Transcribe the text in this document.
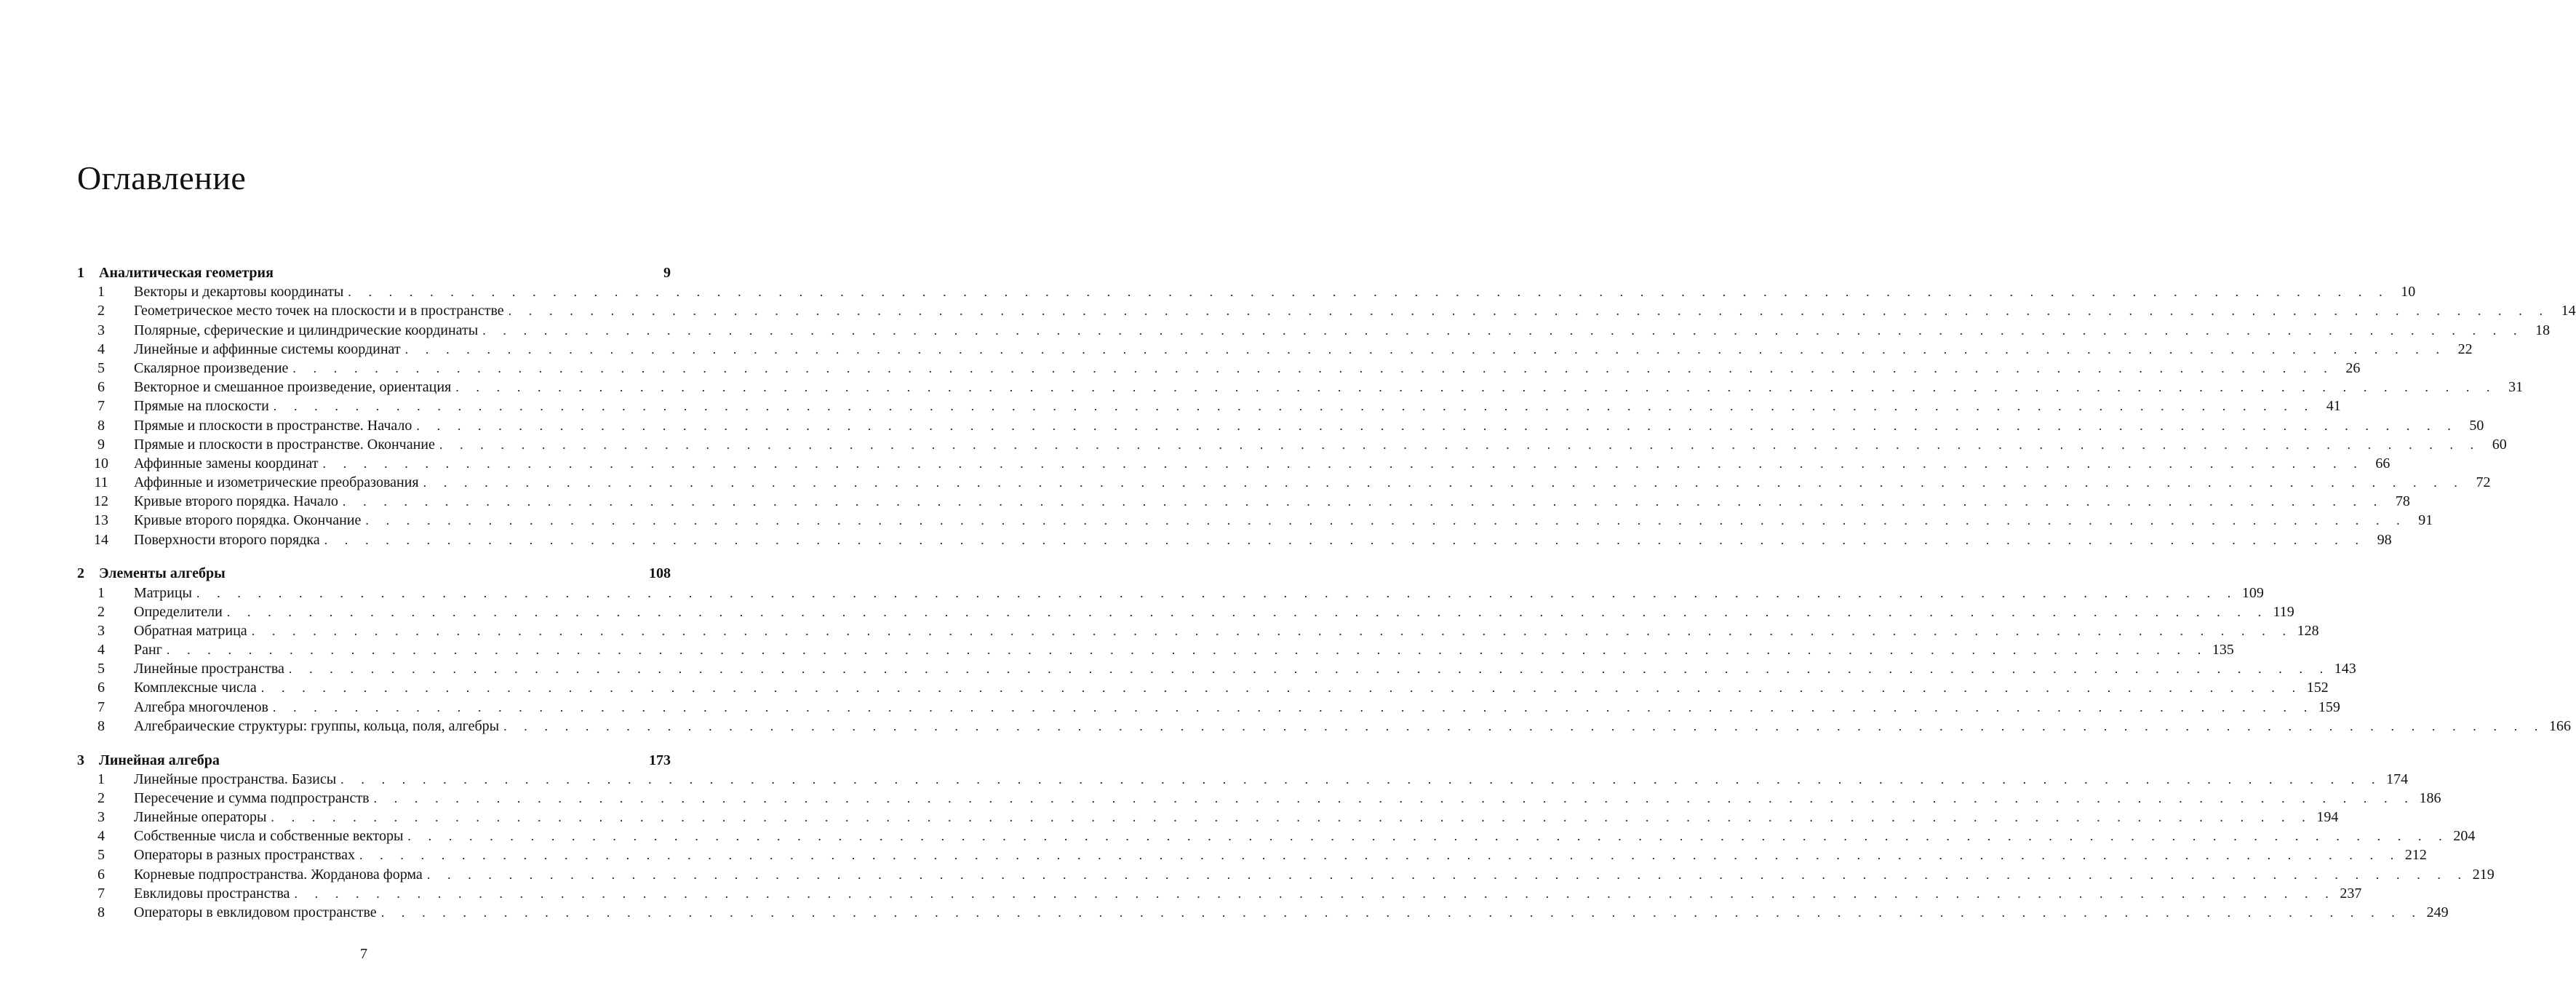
Оглавление
1	Аналитическая геометрия	9
1	Векторы и декартовы координаты . . . . . . . . . . . . . . . . . . . . . . . . . . . . . . . . . . . . . . . . . . . . . . . . . . . . . . . . . . . . . . . . . . . . . . . . . . . . . . . . . . . . . . . . . . . . . . . . . . . . 10
2	Геометрическое место точек на плоскости и в пространстве . . . . . . . . . . . . . . . . . . . . . . . . . . . . . . . . . . . . . . . . . . . . . . . . . . . . . . . . . . . . . . . . . . . . . . . . . . . . . . . . . . . . . . . . . . . . . . . . . . . . 14
3	Полярные, сферические и цилиндрические координаты . . . . . . . . . . . . . . . . . . . . . . . . . . . . . . . . . . . . . . . . . . . . . . . . . . . . . . . . . . . . . . . . . . . . . . . . . . . . . . . . . . . . . . . . . . . . . . . . . . . . 18
4	Линейные и аффинные системы координат . . . . . . . . . . . . . . . . . . . . . . . . . . . . . . . . . . . . . . . . . . . . . . . . . . . . . . . . . . . . . . . . . . . . . . . . . . . . . . . . . . . . . . . . . . . . . . . . . . . . 22
5	Скалярное произведение . . . . . . . . . . . . . . . . . . . . . . . . . . . . . . . . . . . . . . . . . . . . . . . . . . . . . . . . . . . . . . . . . . . . . . . . . . . . . . . . . . . . . . . . . . . . . . . . . . . . 26
6	Векторное и смешанное произведение, ориентация . . . . . . . . . . . . . . . . . . . . . . . . . . . . . . . . . . . . . . . . . . . . . . . . . . . . . . . . . . . . . . . . . . . . . . . . . . . . . . . . . . . . . . . . . . . . . . . . . . . . 31
7	Прямые на плоскости . . . . . . . . . . . . . . . . . . . . . . . . . . . . . . . . . . . . . . . . . . . . . . . . . . . . . . . . . . . . . . . . . . . . . . . . . . . . . . . . . . . . . . . . . . . . . . . . . . . . 41
8	Прямые и плоскости в пространстве. Начало . . . . . . . . . . . . . . . . . . . . . . . . . . . . . . . . . . . . . . . . . . . . . . . . . . . . . . . . . . . . . . . . . . . . . . . . . . . . . . . . . . . . . . . . . . . . . . . . . . . . 50
9	Прямые и плоскости в пространстве. Окончание . . . . . . . . . . . . . . . . . . . . . . . . . . . . . . . . . . . . . . . . . . . . . . . . . . . . . . . . . . . . . . . . . . . . . . . . . . . . . . . . . . . . . . . . . . . . . . . . . . . . 60
10	Аффинные замены координат . . . . . . . . . . . . . . . . . . . . . . . . . . . . . . . . . . . . . . . . . . . . . . . . . . . . . . . . . . . . . . . . . . . . . . . . . . . . . . . . . . . . . . . . . . . . . . . . . . . . 66
11	Аффинные и изометрические преобразования . . . . . . . . . . . . . . . . . . . . . . . . . . . . . . . . . . . . . . . . . . . . . . . . . . . . . . . . . . . . . . . . . . . . . . . . . . . . . . . . . . . . . . . . . . . . . . . . . . . . 72
12	Кривые второго порядка. Начало . . . . . . . . . . . . . . . . . . . . . . . . . . . . . . . . . . . . . . . . . . . . . . . . . . . . . . . . . . . . . . . . . . . . . . . . . . . . . . . . . . . . . . . . . . . . . . . . . . . . 78
13	Кривые второго порядка. Окончание . . . . . . . . . . . . . . . . . . . . . . . . . . . . . . . . . . . . . . . . . . . . . . . . . . . . . . . . . . . . . . . . . . . . . . . . . . . . . . . . . . . . . . . . . . . . . . . . . . . . 91
14	Поверхности второго порядка . . . . . . . . . . . . . . . . . . . . . . . . . . . . . . . . . . . . . . . . . . . . . . . . . . . . . . . . . . . . . . . . . . . . . . . . . . . . . . . . . . . . . . . . . . . . . . . . . . . . 98
2	Элементы алгебры	108
1	Матрицы . . . . . . . . . . . . . . . . . . . . . . . . . . . . . . . . . . . . . . . . . . . . . . . . . . . . . . . . . . . . . . . . . . . . . . . . . . . . . . . . . . . . . . . . . . . . . . . . . . . . 109
2	Определители . . . . . . . . . . . . . . . . . . . . . . . . . . . . . . . . . . . . . . . . . . . . . . . . . . . . . . . . . . . . . . . . . . . . . . . . . . . . . . . . . . . . . . . . . . . . . . . . . . . . 119
3	Обратная матрица . . . . . . . . . . . . . . . . . . . . . . . . . . . . . . . . . . . . . . . . . . . . . . . . . . . . . . . . . . . . . . . . . . . . . . . . . . . . . . . . . . . . . . . . . . . . . . . . . . . . 128
4	Ранг . . . . . . . . . . . . . . . . . . . . . . . . . . . . . . . . . . . . . . . . . . . . . . . . . . . . . . . . . . . . . . . . . . . . . . . . . . . . . . . . . . . . . . . . . . . . . . . . . . . . 135
5	Линейные пространства . . . . . . . . . . . . . . . . . . . . . . . . . . . . . . . . . . . . . . . . . . . . . . . . . . . . . . . . . . . . . . . . . . . . . . . . . . . . . . . . . . . . . . . . . . . . . . . . . . . . 143
6	Комплексные числа . . . . . . . . . . . . . . . . . . . . . . . . . . . . . . . . . . . . . . . . . . . . . . . . . . . . . . . . . . . . . . . . . . . . . . . . . . . . . . . . . . . . . . . . . . . . . . . . . . . . 152
7	Алгебра многочленов . . . . . . . . . . . . . . . . . . . . . . . . . . . . . . . . . . . . . . . . . . . . . . . . . . . . . . . . . . . . . . . . . . . . . . . . . . . . . . . . . . . . . . . . . . . . . . . . . . . . 159
8	Алгебраические структуры: группы, кольца, поля, алгебры . . . . . . . . . . . . . . . . . . . . . . . . . . . . . . . . . . . . . . . . . . . . . . . . . . . . . . . . . . . . . . . . . . . . . . . . . . . . . . . . . . . . . . . . . . . . . . . . . . . . 166
3	Линейная алгебра	173
1	Линейные пространства. Базисы . . . . . . . . . . . . . . . . . . . . . . . . . . . . . . . . . . . . . . . . . . . . . . . . . . . . . . . . . . . . . . . . . . . . . . . . . . . . . . . . . . . . . . . . . . . . . . . . . . . . 174
2	Пересечение и сумма подпространств . . . . . . . . . . . . . . . . . . . . . . . . . . . . . . . . . . . . . . . . . . . . . . . . . . . . . . . . . . . . . . . . . . . . . . . . . . . . . . . . . . . . . . . . . . . . . . . . . . . . 186
3	Линейные операторы . . . . . . . . . . . . . . . . . . . . . . . . . . . . . . . . . . . . . . . . . . . . . . . . . . . . . . . . . . . . . . . . . . . . . . . . . . . . . . . . . . . . . . . . . . . . . . . . . . . . 194
4	Собственные числа и собственные векторы . . . . . . . . . . . . . . . . . . . . . . . . . . . . . . . . . . . . . . . . . . . . . . . . . . . . . . . . . . . . . . . . . . . . . . . . . . . . . . . . . . . . . . . . . . . . . . . . . . . . 204
5	Операторы в разных пространствах . . . . . . . . . . . . . . . . . . . . . . . . . . . . . . . . . . . . . . . . . . . . . . . . . . . . . . . . . . . . . . . . . . . . . . . . . . . . . . . . . . . . . . . . . . . . . . . . . . . . 212
6	Корневые подпространства. Жорданова форма . . . . . . . . . . . . . . . . . . . . . . . . . . . . . . . . . . . . . . . . . . . . . . . . . . . . . . . . . . . . . . . . . . . . . . . . . . . . . . . . . . . . . . . . . . . . . . . . . . . . 219
7	Евклидовы пространства . . . . . . . . . . . . . . . . . . . . . . . . . . . . . . . . . . . . . . . . . . . . . . . . . . . . . . . . . . . . . . . . . . . . . . . . . . . . . . . . . . . . . . . . . . . . . . . . . . . . 237
8	Операторы в евклидовом пространстве . . . . . . . . . . . . . . . . . . . . . . . . . . . . . . . . . . . . . . . . . . . . . . . . . . . . . . . . . . . . . . . . . . . . . . . . . . . . . . . . . . . . . . . . . . . . . . . . . . . . 249
7
